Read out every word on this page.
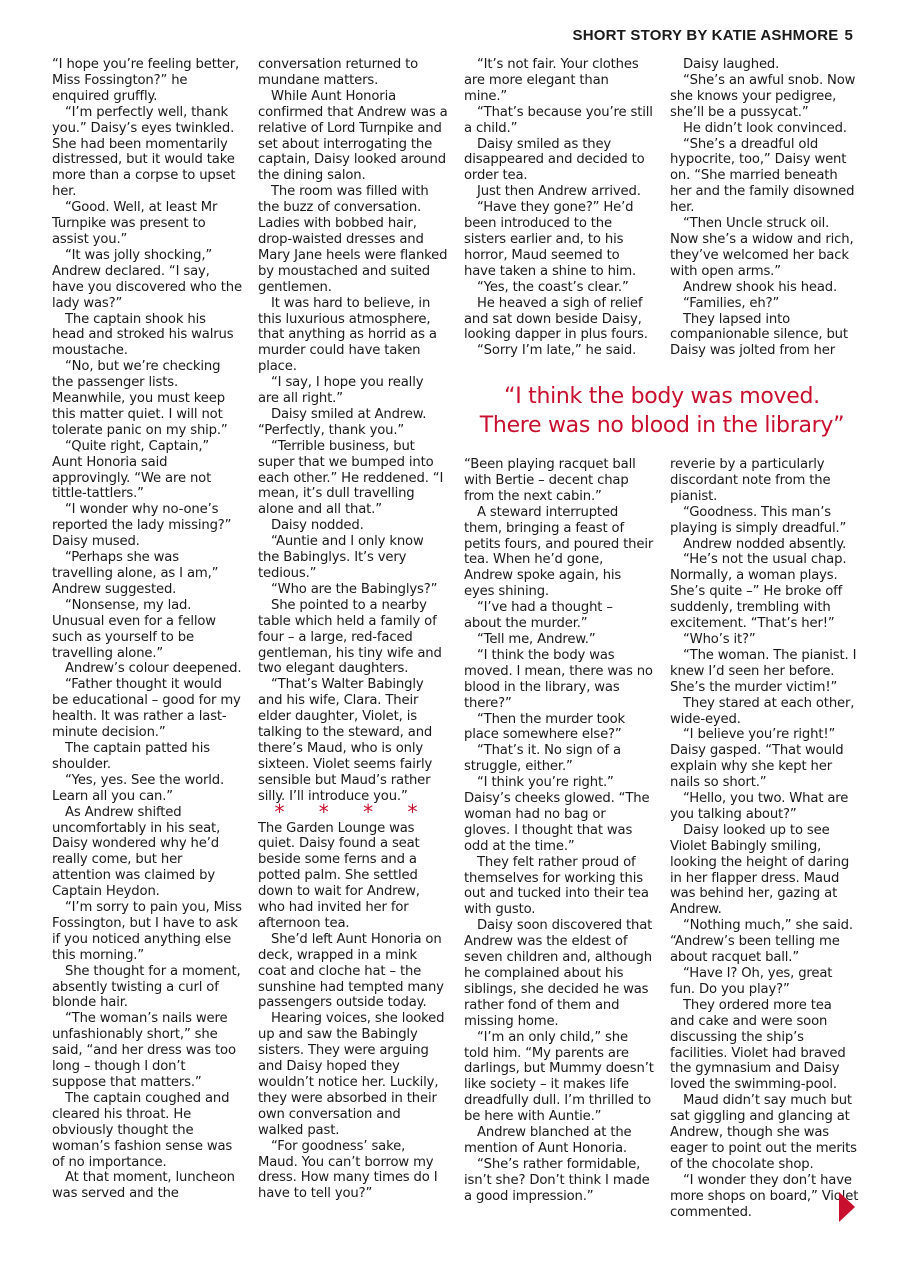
SHORT STORY BY KATIE ASHMORE 5

“I hope you’re feeling better, Miss Fossington?” he enquired gruffly.

“I’m perfectly well, thank you.” Daisy’s eyes twinkled. She had been momentarily distressed, but it would take more than a corpse to upset her.

“Good. Well, at least Mr Turnpike was present to assist you.”

“It was jolly shocking,” Andrew declared. “I say, have you discovered who the lady was?”

The captain shook his head and stroked his walrus moustache.

“No, but we’re checking the passenger lists. Meanwhile, you must keep this matter quiet. I will not tolerate panic on my ship.”

“Quite right, Captain,” Aunt Honoria said approvingly. “We are not tittle-tattlers.”

“I wonder why no-one’s reported the lady missing?” Daisy mused.

“Perhaps she was travelling alone, as I am,” Andrew suggested.

“Nonsense, my lad. Unusual even for a fellow such as yourself to be travelling alone.”

Andrew’s colour deepened.

“Father thought it would be educational – good for my health. It was rather a last-minute decision.”

The captain patted his shoulder.

“Yes, yes. See the world. Learn all you can.”

As Andrew shifted uncomfortably in his seat, Daisy wondered why he’d really come, but her attention was claimed by Captain Heydon.

“I’m sorry to pain you, Miss Fossington, but I have to ask if you noticed anything else this morning.”

She thought for a moment, absently twisting a curl of blonde hair.

“The woman’s nails were unfashionably short,” she said, “and her dress was too long – though I don’t suppose that matters.”

The captain coughed and cleared his throat. He obviously thought the woman’s fashion sense was of no importance.

At that moment, luncheon was served and the

conversation returned to mundane matters.

While Aunt Honoria confirmed that Andrew was a relative of Lord Turnpike and set about interrogating the captain, Daisy looked around the dining salon.

The room was filled with the buzz of conversation. Ladies with bobbed hair, drop-waisted dresses and Mary Jane heels were flanked by moustached and suited gentlemen.

It was hard to believe, in this luxurious atmosphere, that anything as horrid as a murder could have taken place.

“I say, I hope you really are all right.”

Daisy smiled at Andrew. “Perfectly, thank you.”

“Terrible business, but super that we bumped into each other.” He reddened. “I mean, it’s dull travelling alone and all that.”

Daisy nodded.

“Auntie and I only know the Babinglys. It’s very tedious.”

“Who are the Babinglys?”

She pointed to a nearby table which held a family of four – a large, red-faced gentleman, his tiny wife and two elegant daughters.

“That’s Walter Babingly and his wife, Clara. Their elder daughter, Violet, is talking to the steward, and there’s Maud, who is only sixteen. Violet seems fairly sensible but Maud’s rather silly. I’ll introduce you.”

* * * *

The Garden Lounge was quiet. Daisy found a seat beside some ferns and a potted palm. She settled down to wait for Andrew, who had invited her for afternoon tea.

She’d left Aunt Honoria on deck, wrapped in a mink coat and cloche hat – the sunshine had tempted many passengers outside today.

Hearing voices, she looked up and saw the Babingly sisters. They were arguing and Daisy hoped they wouldn’t notice her. Luckily, they were absorbed in their own conversation and walked past.

“For goodness’ sake, Maud. You can’t borrow my dress. How many times do I have to tell you?”

“It’s not fair. Your clothes are more elegant than mine.”

“That’s because you’re still a child.”

Daisy smiled as they disappeared and decided to order tea.

Just then Andrew arrived.

“Have they gone?” He’d been introduced to the sisters earlier and, to his horror, Maud seemed to have taken a shine to him.

“Yes, the coast’s clear.”

He heaved a sigh of relief and sat down beside Daisy, looking dapper in plus fours.

“Sorry I’m late,” he said.

Daisy laughed.

“She’s an awful snob. Now she knows your pedigree, she’ll be a pussycat.”

He didn’t look convinced.

“She’s a dreadful old hypocrite, too,” Daisy went on. “She married beneath her and the family disowned her.

“Then Uncle struck oil. Now she’s a widow and rich, they’ve welcomed her back with open arms.”

Andrew shook his head.

“Families, eh?”

They lapsed into companionable silence, but Daisy was jolted from her

“I think the body was moved.
There was no blood in the library”

“Been playing racquet ball with Bertie – decent chap from the next cabin.”

A steward interrupted them, bringing a feast of petits fours, and poured their tea. When he’d gone, Andrew spoke again, his eyes shining.

“I’ve had a thought – about the murder.”

“Tell me, Andrew.”

“I think the body was moved. I mean, there was no blood in the library, was there?”

“Then the murder took place somewhere else?”

“That’s it. No sign of a struggle, either.”

“I think you’re right.” Daisy’s cheeks glowed. “The woman had no bag or gloves. I thought that was odd at the time.”

They felt rather proud of themselves for working this out and tucked into their tea with gusto.

Daisy soon discovered that Andrew was the eldest of seven children and, although he complained about his siblings, she decided he was rather fond of them and missing home.

“I’m an only child,” she told him. “My parents are darlings, but Mummy doesn’t like society – it makes life dreadfully dull. I’m thrilled to be here with Auntie.”

Andrew blanched at the mention of Aunt Honoria.

“She’s rather formidable, isn’t she? Don’t think I made a good impression.”

reverie by a particularly discordant note from the pianist.

“Goodness. This man’s playing is simply dreadful.”

Andrew nodded absently.

“He’s not the usual chap. Normally, a woman plays. She’s quite –” He broke off suddenly, trembling with excitement. “That’s her!”

“Who’s it?”

“The woman. The pianist. I knew I’d seen her before. She’s the murder victim!”

They stared at each other, wide-eyed.

“I believe you’re right!” Daisy gasped. “That would explain why she kept her nails so short.”

“Hello, you two. What are you talking about?”

Daisy looked up to see Violet Babingly smiling, looking the height of daring in her flapper dress. Maud was behind her, gazing at Andrew.

“Nothing much,” she said. “Andrew’s been telling me about racquet ball.”

“Have I? Oh, yes, great fun. Do you play?”

They ordered more tea and cake and were soon discussing the ship’s facilities. Violet had braved the gymnasium and Daisy loved the swimming-pool.

Maud didn’t say much but sat giggling and glancing at Andrew, though she was eager to point out the merits of the chocolate shop.

“I wonder they don’t have more shops on board,” Violet commented.
